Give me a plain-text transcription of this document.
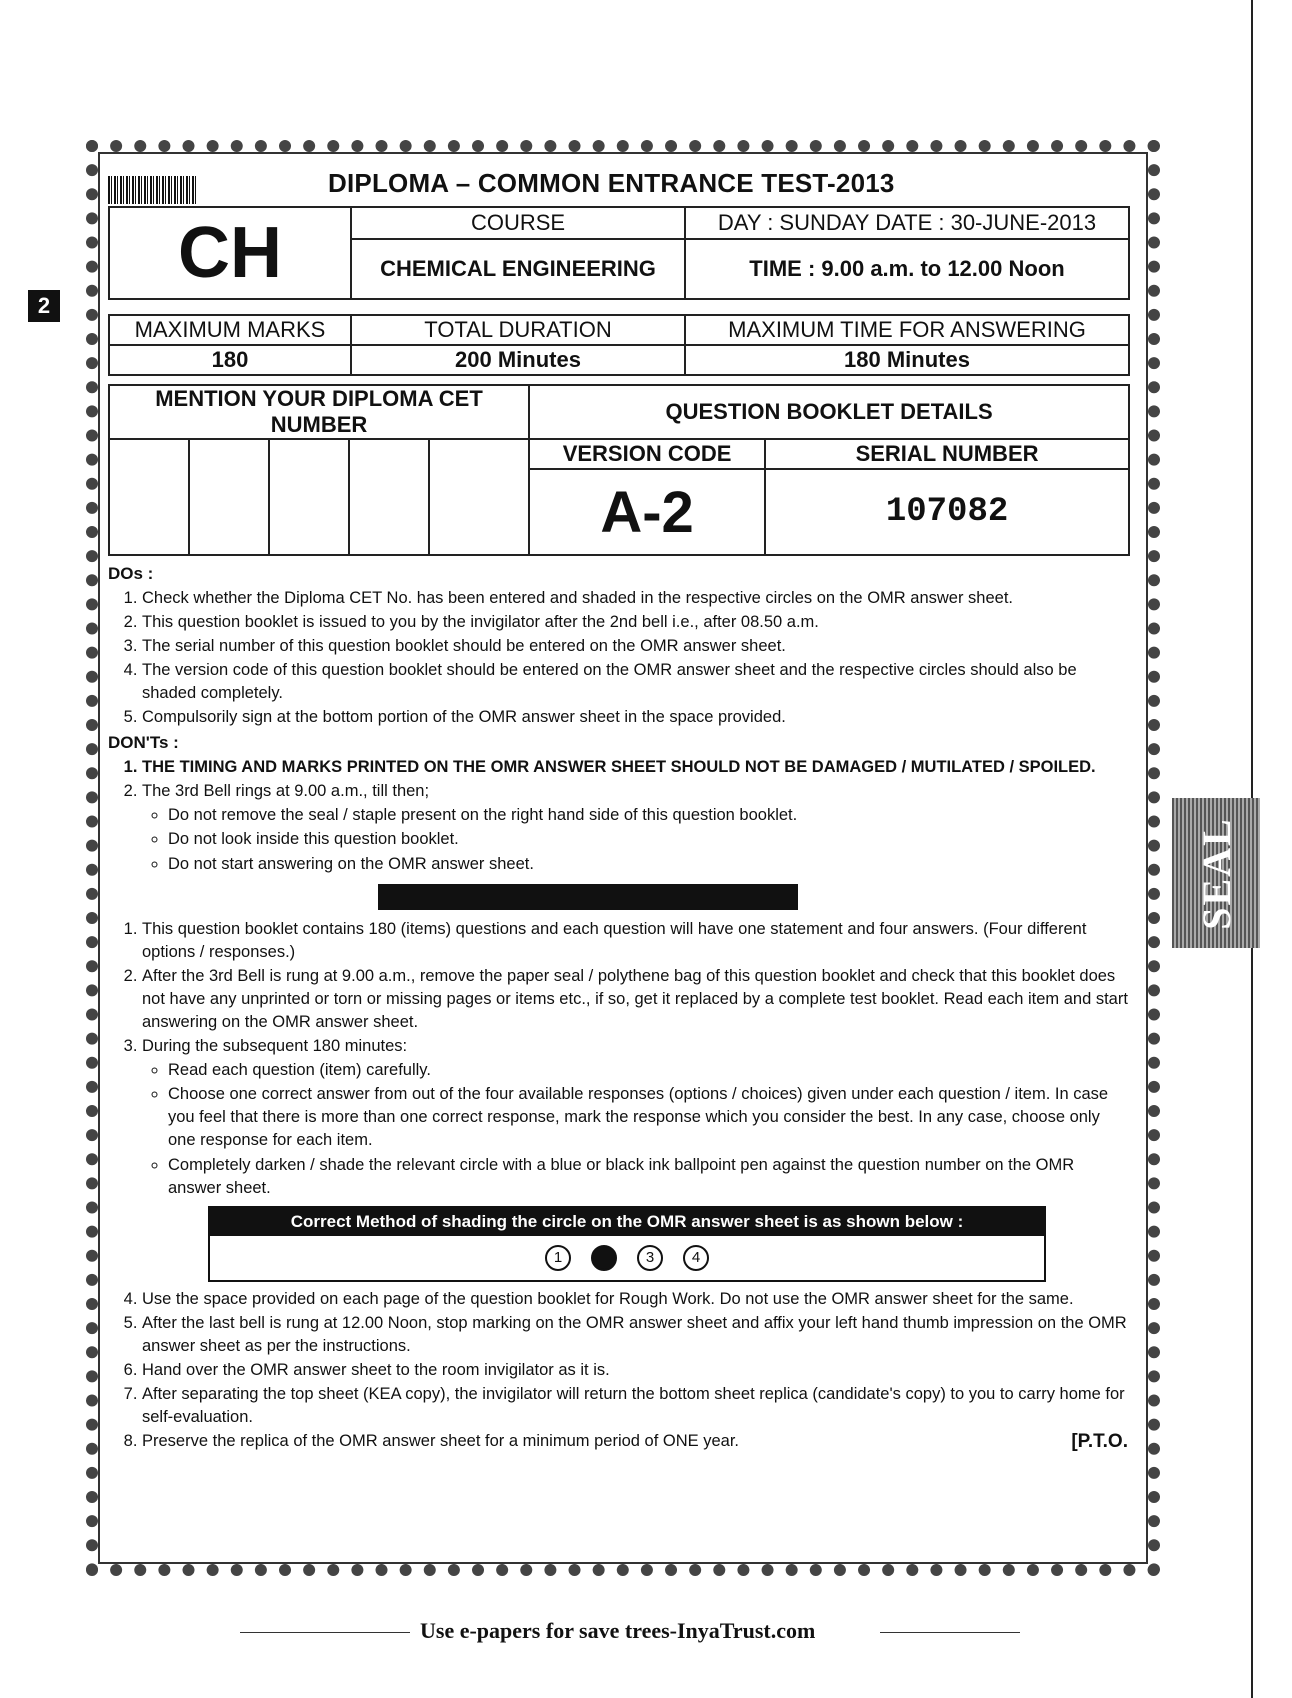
2
SEAL
DIPLOMA – COMMON ENTRANCE TEST-2013
CH	COURSE	DAY : SUNDAY DATE : 30-JUNE-2013
	CHEMICAL ENGINEERING	TIME : 9.00 a.m. to 12.00 Noon
MAXIMUM MARKS	TOTAL DURATION	MAXIMUM TIME FOR ANSWERING
180	200 Minutes	180 Minutes
MENTION YOUR DIPLOMA CET NUMBER					QUESTION BOOKLET DETAILS	
					VERSION CODE	SERIAL NUMBER
					A-2	107082
DOs :
1. Check whether the Diploma CET No. has been entered and shaded in the respective circles on the OMR answer sheet.
2. This question booklet is issued to you by the invigilator after the 2nd bell i.e., after 08.50 a.m.
3. The serial number of this question booklet should be entered on the OMR answer sheet.
4. The version code of this question booklet should be entered on the OMR answer sheet and the respective circles should also be shaded completely.
5. Compulsorily sign at the bottom portion of the OMR answer sheet in the space provided.
DON'Ts :
1. THE TIMING AND MARKS PRINTED ON THE OMR ANSWER SHEET SHOULD NOT BE DAMAGED / MUTILATED / SPOILED.
2. The 3rd Bell rings at 9.00 a.m., till then;
◦ Do not remove the seal / staple present on the right hand side of this question booklet.
◦ Do not look inside this question booklet.
◦ Do not start answering on the OMR answer sheet.
1. This question booklet contains 180 (items) questions and each question will have one statement and four answers. (Four different options / responses.)
2. After the 3rd Bell is rung at 9.00 a.m., remove the paper seal / polythene bag of this question booklet and check that this booklet does not have any unprinted or torn or missing pages or items etc., if so, get it replaced by a complete test booklet. Read each item and start answering on the OMR answer sheet.
3. During the subsequent 180 minutes:
◦ Read each question (item) carefully.
◦ Choose one correct answer from out of the four available responses (options / choices) given under each question / item. In case you feel that there is more than one correct response, mark the response which you consider the best. In any case, choose only one response for each item.
◦ Completely darken / shade the relevant circle with a blue or black ink ballpoint pen against the question number on the OMR answer sheet.
Correct Method of shading the circle on the OMR answer sheet is as shown below :
1	3	4
4. Use the space provided on each page of the question booklet for Rough Work. Do not use the OMR answer sheet for the same.
5. After the last bell is rung at 12.00 Noon, stop marking on the OMR answer sheet and affix your left hand thumb impression on the OMR answer sheet as per the instructions.
6. Hand over the OMR answer sheet to the room invigilator as it is.
7. After separating the top sheet (KEA copy), the invigilator will return the bottom sheet replica (candidate's copy) to you to carry home for self-evaluation.
8. Preserve the replica of the OMR answer sheet for a minimum period of ONE year.	[P.T.O.
Use e-papers for save trees-InyaTrust.com
